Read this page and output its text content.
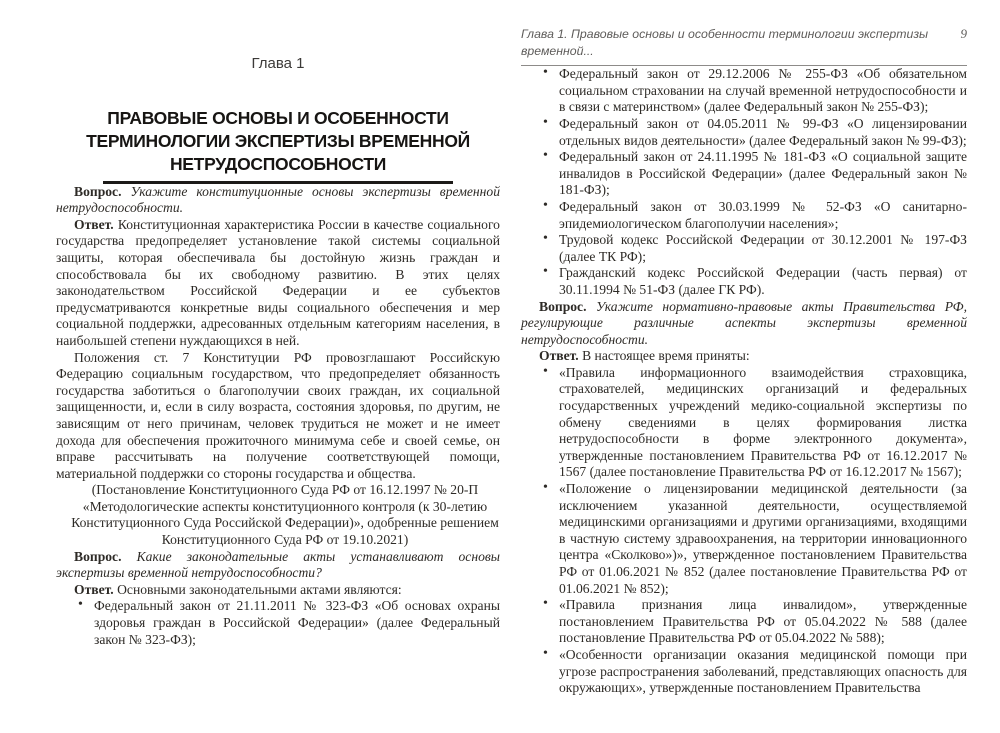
Глава 1
ПРАВОВЫЕ ОСНОВЫ И ОСОБЕННОСТИ ТЕРМИНОЛОГИИ ЭКСПЕРТИЗЫ ВРЕМЕННОЙ НЕТРУДОСПОСОБНОСТИ

Вопрос. Укажите конституционные основы экспертизы временной нетрудоспособности.

Ответ. Конституционная характеристика России в качестве социального государства предопределяет установление такой системы социальной защиты, которая обеспечивала бы достойную жизнь граждан и способствовала бы их свободному развитию. В этих целях законодательством Российской Федерации и ее субъектов предусматриваются конкретные виды социального обеспечения и мер социальной поддержки, адресованных отдельным категориям населения, в наибольшей степени нуждающихся в ней.

Положения ст. 7 Конституции РФ провозглашают Российскую Федерацию социальным государством, что предопределяет обязанность государства заботиться о благополучии своих граждан, их социальной защищенности, и, если в силу возраста, состояния здоровья, по другим, не зависящим от него причинам, человек трудиться не может и не имеет дохода для обеспечения прожиточного минимума себе и своей семье, он вправе рассчитывать на получение соответствующей помощи, материальной поддержки со стороны государства и общества.

(Постановление Конституционного Суда РФ от 16.12.1997 № 20-П «Методологические аспекты конституционного контроля (к 30-летию Конституционного Суда Российской Федерации)», одобренные решением Конституционного Суда РФ от 19.10.2021)

Вопрос. Какие законодательные акты устанавливают основы экспертизы временной нетрудоспособности?

Ответ. Основными законодательными актами являются:

• Федеральный закон от 21.11.2011 № 323-ФЗ «Об основах охраны здоровья граждан в Российской Федерации» (далее Федеральный закон № 323-ФЗ);
Глава 1. Правовые основы и особенности терминологии экспертизы временной...
9
• Федеральный закон от 29.12.2006 № 255-ФЗ «Об обязательном социальном страховании на случай временной нетрудоспособности и в связи с материнством» (далее Федеральный закон № 255-ФЗ);
• Федеральный закон от 04.05.2011 № 99-ФЗ «О лицензировании отдельных видов деятельности» (далее Федеральный закон № 99-ФЗ);
• Федеральный закон от 24.11.1995 № 181-ФЗ «О социальной защите инвалидов в Российской Федерации» (далее Федеральный закон № 181-ФЗ);
• Федеральный закон от 30.03.1999 № 52-ФЗ «О санитарно-эпидемиологическом благополучии населения»;
• Трудовой кодекс Российской Федерации от 30.12.2001 № 197-ФЗ (далее ТК РФ);
• Гражданский кодекс Российской Федерации (часть первая) от 30.11.1994 № 51-ФЗ (далее ГК РФ).

Вопрос. Укажите нормативно-правовые акты Правительства РФ, регулирующие различные аспекты экспертизы временной нетрудоспособности.

Ответ. В настоящее время приняты:

• «Правила информационного взаимодействия страховщика, страхователей, медицинских организаций и федеральных государственных учреждений медико-социальной экспертизы по обмену сведениями в целях формирования листка нетрудоспособности в форме электронного документа», утвержденные постановлением Правительства РФ от 16.12.2017 № 1567 (далее постановление Правительства РФ от 16.12.2017 № 1567);
• «Положение о лицензировании медицинской деятельности (за исключением указанной деятельности, осуществляемой медицинскими организациями и другими организациями, входящими в частную систему здравоохранения, на территории инновационного центра «Сколково»)», утвержденное постановлением Правительства РФ от 01.06.2021 № 852 (далее постановление Правительства РФ от 01.06.2021 № 852);
• «Правила признания лица инвалидом», утвержденные постановлением Правительства РФ от 05.04.2022 № 588 (далее постановление Правительства РФ от 05.04.2022 № 588);
• «Особенности организации оказания медицинской помощи при угрозе распространения заболеваний, представляющих опасность для окружающих», утвержденные постановлением Правительства
